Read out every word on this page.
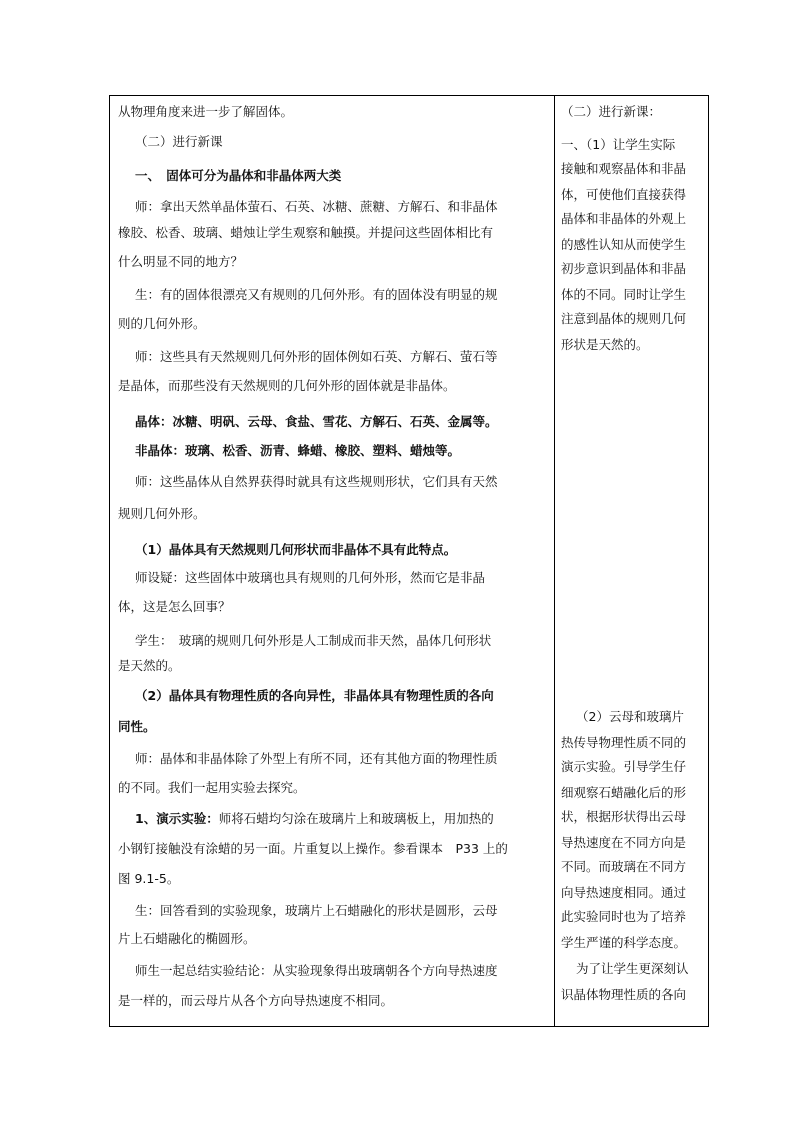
从物理角度来进一步了解固体。
（二）进行新课
一、　固体可分为晶体和非晶体两大类
师：拿出天然单晶体萤石、石英、冰糖、蔗糖、方解石、和非晶体
橡胶、松香、玻璃、蜡烛让学生观察和触摸。并提问这些固体相比有
什么明显不同的地方？
生：有的固体很漂亮又有规则的几何外形。有的固体没有明显的规
则的几何外形。
师：这些具有天然规则几何外形的固体例如石英、方解石、萤石等
是晶体，而那些没有天然规则的几何外形的固体就是非晶体。
晶体：冰糖、明矾、云母、食盐、雪花、方解石、石英、金属等。
非晶体：玻璃、松香、沥青、蜂蜡、橡胶、塑料、蜡烛等。
师：这些晶体从自然界获得时就具有这些规则形状，它们具有天然
规则几何外形。
（1）晶体具有天然规则几何形状而非晶体不具有此特点。
师设疑：这些固体中玻璃也具有规则的几何外形，然而它是非晶
体，这是怎么回事？
学生：　玻璃的规则几何外形是人工制成而非天然，晶体几何形状
是天然的。
（2）晶体具有物理性质的各向异性，非晶体具有物理性质的各向
同性。
师：晶体和非晶体除了外型上有所不同，还有其他方面的物理性质
的不同。我们一起用实验去探究。
1、演示实验：师将石蜡均匀涂在玻璃片上和玻璃板上，用加热的
小钢钉接触没有涂蜡的另一面。片重复以上操作。参看课本　P33 上的
图 9.1-5。
生：回答看到的实验现象，玻璃片上石蜡融化的形状是圆形，云母
片上石蜡融化的椭圆形。
师生一起总结实验结论：从实验现象得出玻璃朝各个方向导热速度
是一样的，而云母片从各个方向导热速度不相同。
（二）进行新课：
一、（1）让学生实际
接触和观察晶体和非晶
体，可使他们直接获得
晶体和非晶体的外观上
的感性认知从而使学生
初步意识到晶体和非晶
体的不同。同时让学生
注意到晶体的规则几何
形状是天然的。
（2）云母和玻璃片
热传导物理性质不同的
演示实验。引导学生仔
细观察石蜡融化后的形
状，根据形状得出云母
导热速度在不同方向是
不同。而玻璃在不同方
向导热速度相同。通过
此实验同时也为了培养
学生严谨的科学态度。
为了让学生更深刻认
识晶体物理性质的各向
